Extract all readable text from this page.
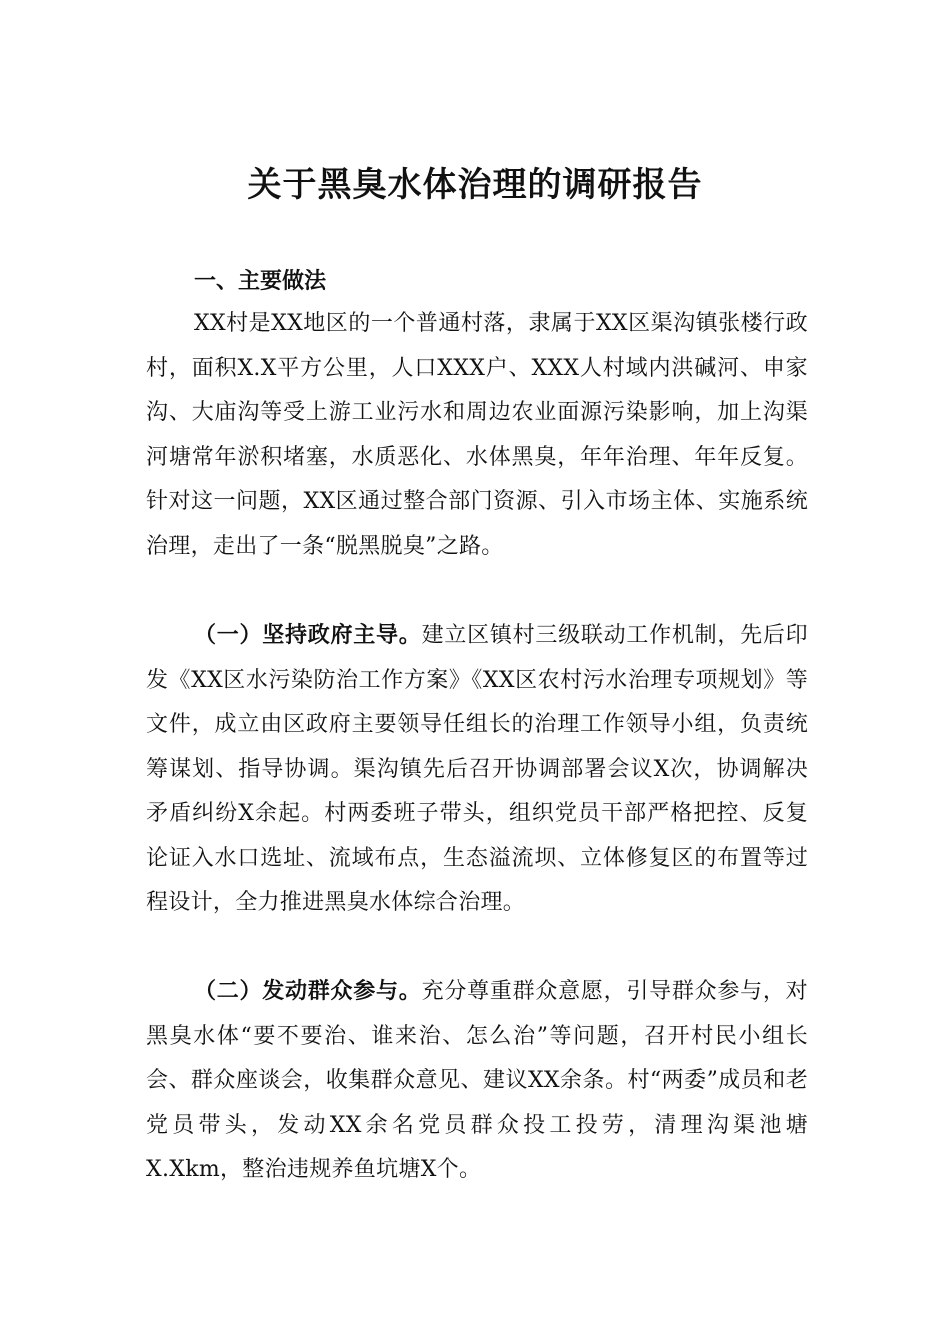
关于黑臭水体治理的调研报告
一、主要做法

XX村是XX地区的一个普通村落，隶属于XX区渠沟镇张楼行政村，面积X.X平方公里，人口XXX户、XXX人村域内洪碱河、申家沟、大庙沟等受上游工业污水和周边农业面源污染影响，加上沟渠河塘常年淤积堵塞，水质恶化、水体黑臭，年年治理、年年反复。针对这一问题，XX区通过整合部门资源、引入市场主体、实施系统治理，走出了一条“脱黑脱臭”之路。

（一）坚持政府主导。建立区镇村三级联动工作机制，先后印发《XX区水污染防治工作方案》《XX区农村污水治理专项规划》等文件，成立由区政府主要领导任组长的治理工作领导小组，负责统筹谋划、指导协调。渠沟镇先后召开协调部署会议X次，协调解决矛盾纠纷X余起。村两委班子带头，组织党员干部严格把控、反复论证入水口选址、流域布点，生态溢流坝、立体修复区的布置等过程设计，全力推进黑臭水体综合治理。

（二）发动群众参与。充分尊重群众意愿，引导群众参与，对黑臭水体“要不要治、谁来治、怎么治”等问题，召开村民小组长会、群众座谈会，收集群众意见、建议XX余条。村“两委”成员和老党员带头，发动XX余名党员群众投工投劳，清理沟渠池塘X.Xkm，整治违规养鱼坑塘X个。
